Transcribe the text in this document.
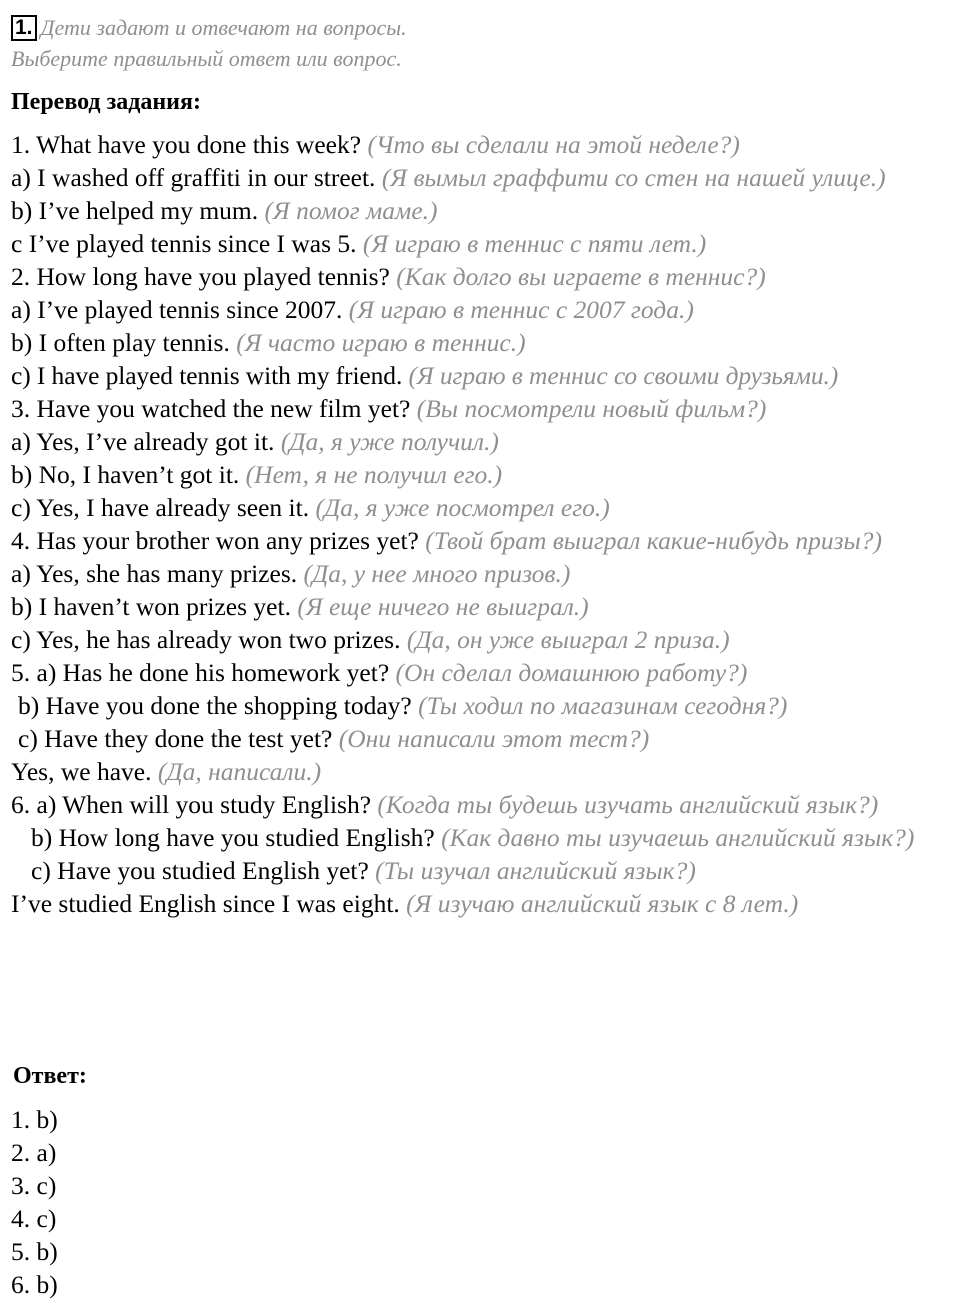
1. Дети задают и отвечают на вопросы.
Выберите правильный ответ или вопрос.
Перевод задания:

1. What have you done this week? (Что вы сделали на этой неделе?)

a) I washed off graffiti in our street. (Я вымыл граффити со стен на нашей улице.)

b) I’ve helped my mum. (Я помог маме.)

c I’ve played tennis since I was 5. (Я играю в теннис с пяти лет.)

2. How long have you played tennis? (Как долго вы играете в теннис?)

a) I’ve played tennis since 2007. (Я играю в теннис с 2007 года.)

b) I often play tennis. (Я часто играю в теннис.)

c) I have played tennis with my friend. (Я играю в теннис со своими друзьями.)

3. Have you watched the new film yet? (Вы посмотрели новый фильм?)

a) Yes, I’ve already got it. (Да, я уже получил.)

b) No, I haven’t got it. (Нет, я не получил его.)

c) Yes, I have already seen it. (Да, я уже посмотрел его.)

4. Has your brother won any prizes yet? (Твой брат выиграл какие-нибудь призы?)

a) Yes, she has many prizes. (Да, у нее много призов.)

b) I haven’t won prizes yet. (Я еще ничего не выиграл.)

c) Yes, he has already won two prizes. (Да, он уже выиграл 2 приза.)

5. a) Has he done his homework yet? (Он сделал домашнюю работу?)

b) Have you done the shopping today? (Ты ходил по магазинам сегодня?)

c) Have they done the test yet? (Они написали этот тест?)

Yes, we have. (Да, написали.)

6. a) When will you study English? (Когда ты будешь изучать английский язык?)

b) How long have you studied English? (Как давно ты изучаешь английский язык?)

c) Have you studied English yet? (Ты изучал английский язык?)

I’ve studied English since I was eight. (Я изучаю английский язык с 8 лет.)

Ответ:
1. b)
2. a)
3. c)
4. c)
5. b)
6. b)
